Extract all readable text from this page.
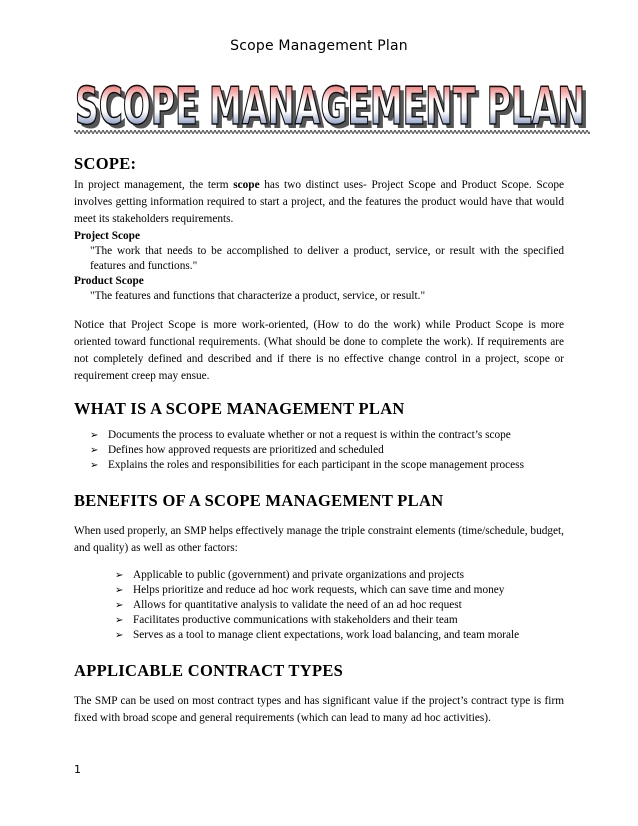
Scope Management Plan
SCOPE MANAGEMENT PLAN
SCOPE MANAGEMENT PLAN
SCOPE:

In project management, the term scope has two distinct uses- Project Scope and Product Scope. Scope involves getting information required to start a project, and the features the product would have that would meet its stakeholders requirements.

Project Scope
"The work that needs to be accomplished to deliver a product, service, or result with the specified features and functions."
Product Scope
"The features and functions that characterize a product, service, or result."

Notice that Project Scope is more work-oriented, (How to do the work) while Product Scope is more oriented toward functional requirements. (What should be done to complete the work). If requirements are not completely defined and described and if there is no effective change control in a project, scope or requirement creep may ensue.

WHAT IS A SCOPE MANAGEMENT PLAN
➢ Documents the process to evaluate whether or not a request is within the contract’s scope
➢ Defines how approved requests are prioritized and scheduled
➢ Explains the roles and responsibilities for each participant in the scope management process
BENEFITS OF A SCOPE MANAGEMENT PLAN

When used properly, an SMP helps effectively manage the triple constraint elements (time/schedule, budget, and quality) as well as other factors:

➢ Applicable to public (government) and private organizations and projects
➢ Helps prioritize and reduce ad hoc work requests, which can save time and money
➢ Allows for quantitative analysis to validate the need of an ad hoc request
➢ Facilitates productive communications with stakeholders and their team
➢ Serves as a tool to manage client expectations, work load balancing, and team morale
APPLICABLE CONTRACT TYPES

The SMP can be used on most contract types and has significant value if the project’s contract type is firm fixed with broad scope and general requirements (which can lead to many ad hoc activities).

1
